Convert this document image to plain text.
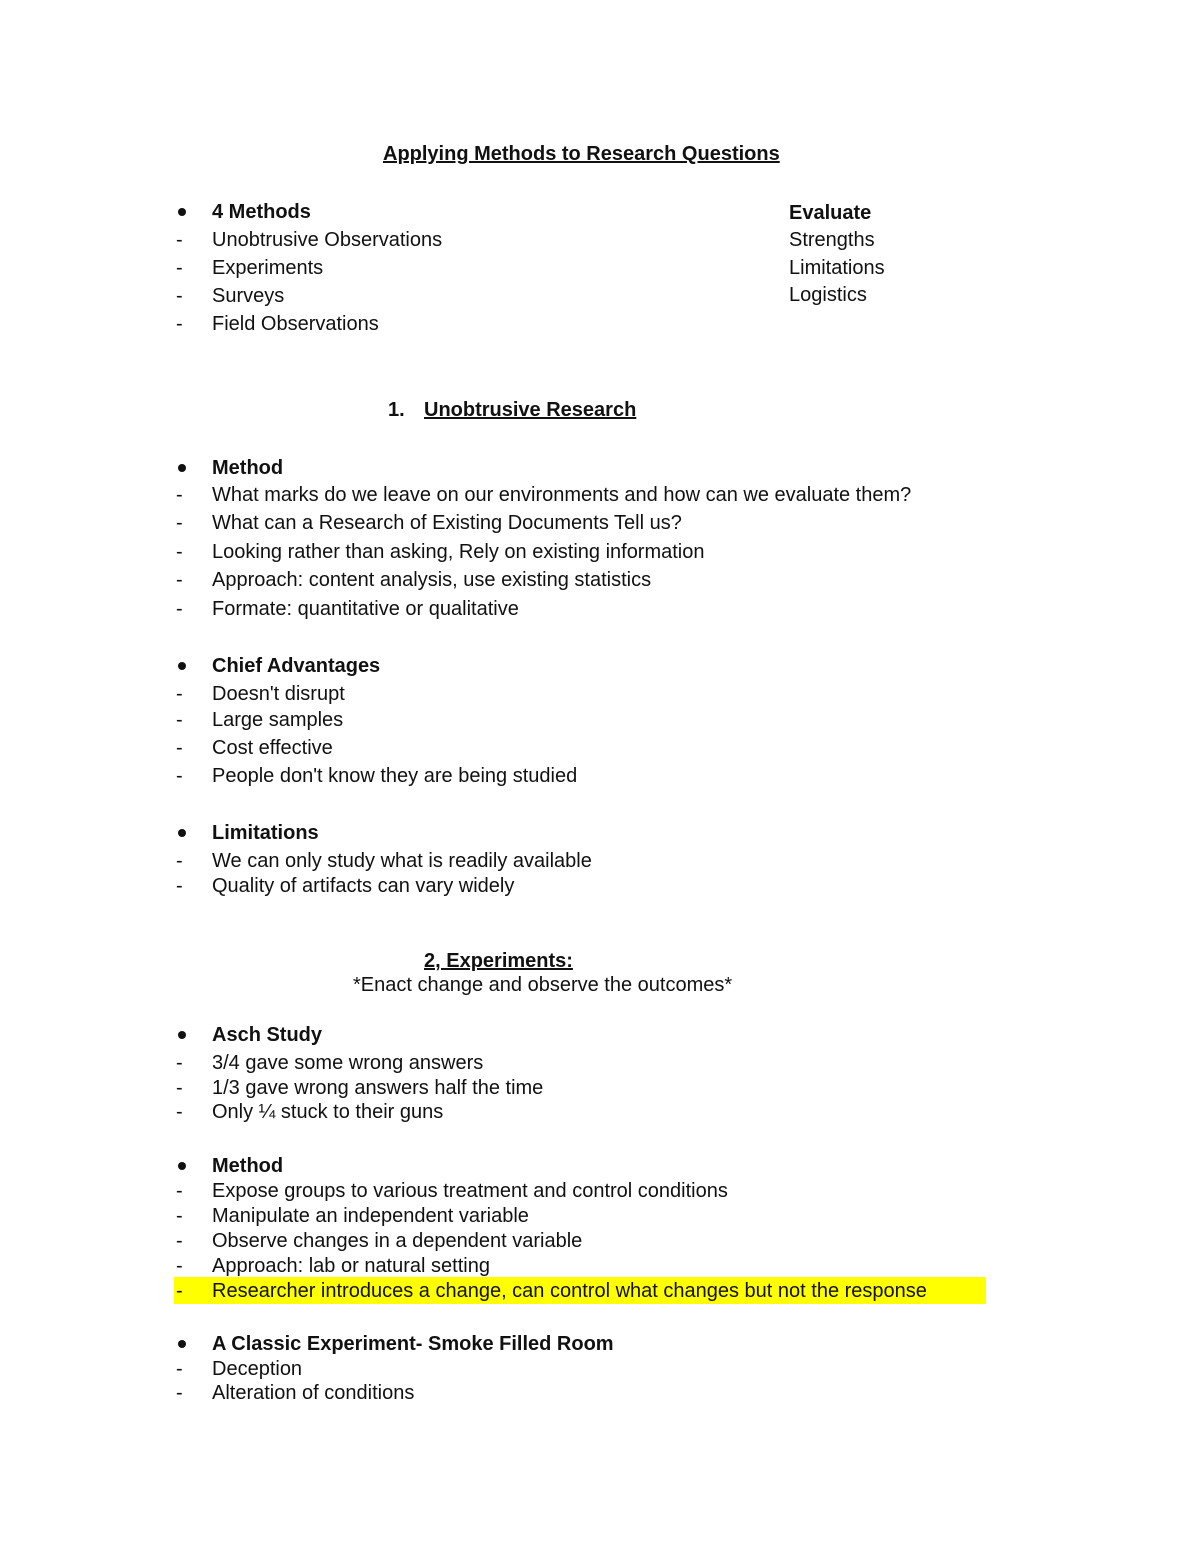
Applying Methods to Research Questions
4 Methods
- Unobtrusive Observations
- Experiments
- Surveys
- Field Observations
Evaluate
Strengths
Limitations
Logistics
1. Unobtrusive Research
Method
- What marks do we leave on our environments and how can we evaluate them?
- What can a Research of Existing Documents Tell us?
- Looking rather than asking, Rely on existing information
- Approach: content analysis, use existing statistics
- Formate: quantitative or qualitative
Chief Advantages
- Doesn't disrupt
- Large samples
- Cost effective
- People don't know they are being studied
Limitations
- We can only study what is readily available
- Quality of artifacts can vary widely
2, Experiments:
*Enact change and observe the outcomes*
Asch Study
- 3/4 gave some wrong answers
- 1/3 gave wrong answers half the time
- Only ¼ stuck to their guns
Method
- Expose groups to various treatment and control conditions
- Manipulate an independent variable
- Observe changes in a dependent variable
- Approach: lab or natural setting
- Researcher introduces a change, can control what changes but not the response
A Classic Experiment- Smoke Filled Room
- Deception
- Alteration of conditions
